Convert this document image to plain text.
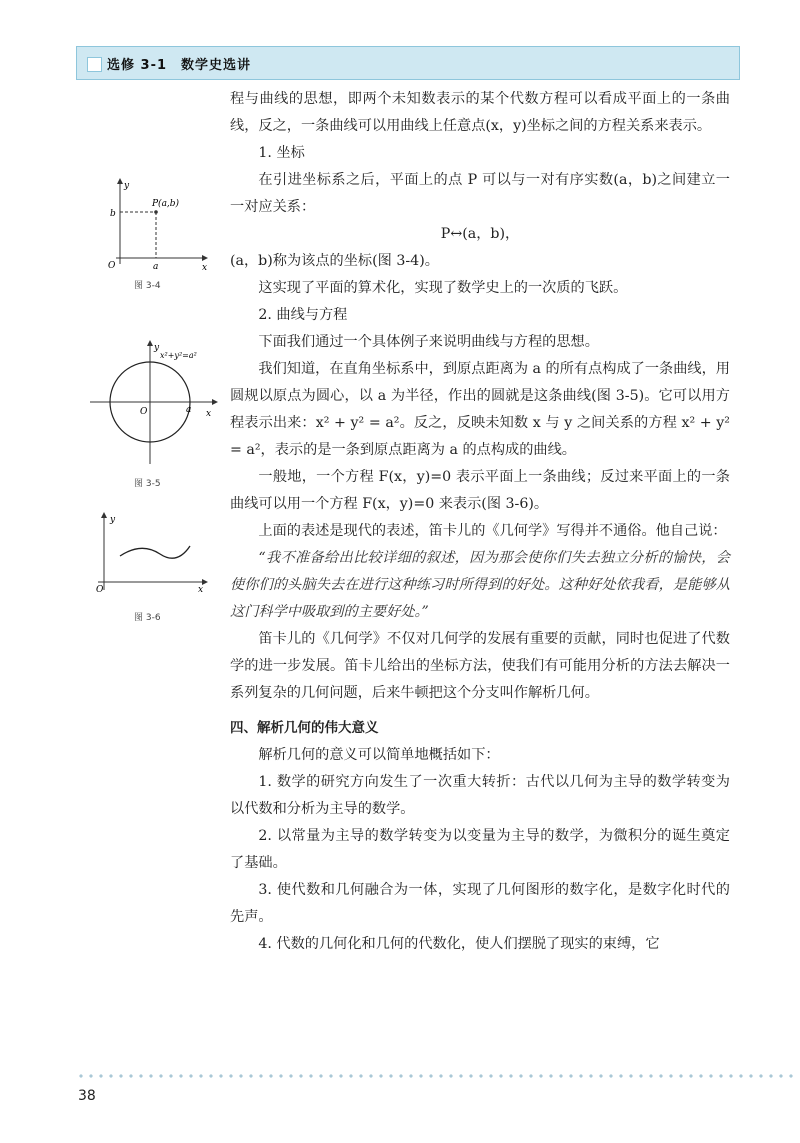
选修 3-1　数学史选讲

程与曲线的思想，即两个未知数表示的某个代数方程可以看成平面上的一条曲线，反之，一条曲线可以用曲线上任意点(x，y)坐标之间的方程关系来表示。

1. 坐标

在引进坐标系之后，平面上的点 P 可以与一对有序实数(a，b)之间建立一一对应关系：

P↔(a，b)，

(a，b)称为该点的坐标(图 3-4)。

这实现了平面的算术化，实现了数学史上的一次质的飞跃。

2. 曲线与方程

下面我们通过一个具体例子来说明曲线与方程的思想。

我们知道，在直角坐标系中，到原点距离为 a 的所有点构成了一条曲线，用圆规以原点为圆心，以 a 为半径，作出的圆就是这条曲线(图 3-5)。它可以用方程表示出来：x² + y² = a²。反之，反映未知数 x 与 y 之间关系的方程 x² + y² = a²，表示的是一条到原点距离为 a 的点构成的曲线。

一般地，一个方程 F(x，y)=0 表示平面上一条曲线；反过来平面上的一条曲线可以用一个方程 F(x，y)=0 来表示(图 3-6)。

上面的表述是现代的表述，笛卡儿的《几何学》写得并不通俗。他自己说：

“我不准备给出比较详细的叙述，因为那会使你们失去独立分析的愉快，会使你们的头脑失去在进行这种练习时所得到的好处。这种好处依我看，是能够从这门科学中吸取到的主要好处。”

笛卡儿的《几何学》不仅对几何学的发展有重要的贡献，同时也促进了代数学的进一步发展。笛卡儿给出的坐标方法，使我们有可能用分析的方法去解决一系列复杂的几何问题，后来牛顿把这个分支叫作解析几何。

四、解析几何的伟大意义

解析几何的意义可以简单地概括如下：

1. 数学的研究方向发生了一次重大转折：古代以几何为主导的数学转变为以代数和分析为主导的数学。

2. 以常量为主导的数学转变为以变量为主导的数学，为微积分的诞生奠定了基础。

3. 使代数和几何融合为一体，实现了几何图形的数字化，是数字化时代的先声。

4. 代数的几何化和几何的代数化，使人们摆脱了现实的束缚，它

y
x
O
P(a,b)
a
b
图 3-4
y
x
O	a
x²+y²=a²
图 3-5
y
x
O
图 3-6
38
